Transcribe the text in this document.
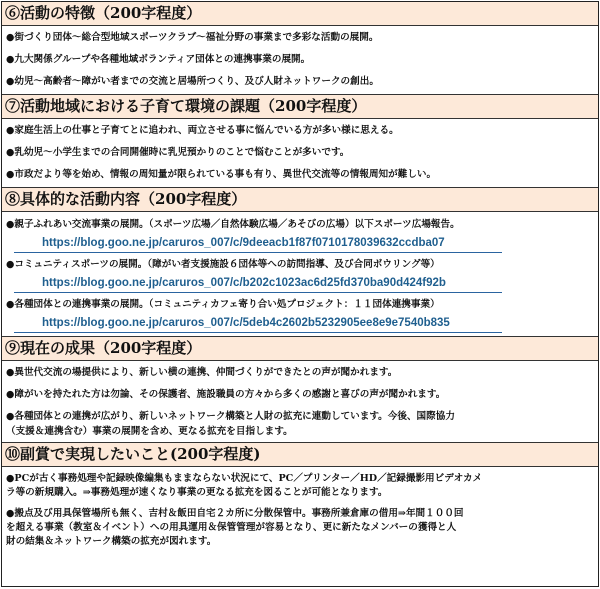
⑥活動の特徴（200字程度）
●街づくり団体～総合型地域スポーツクラブ～福祉分野の事業まで多彩な活動の展開。
●九大関係グループや各種地域ボランティア団体との連携事業の展開。
●幼児～高齢者～障がい者までの交流と居場所つくり、及び人財ネットワークの創出。
⑦活動地域における子育て環境の課題（200字程度）
●家庭生活上の仕事と子育てとに追われ、両立させる事に悩んでいる方が多い様に思える。
●乳幼児～小学生までの合同開催時に乳児預かりのことで悩むことが多いです。
●市政だより等を始め、情報の周知量が限られている事も有り、異世代交流等の情報周知が難しい。
⑧具体的な活動内容（200字程度）
●親子ふれあい交流事業の展開。（スポーツ広場／自然体験広場／あそびの広場）以下スポーツ広場報告。
https://blog.goo.ne.jp/caruros_007/c/9deeacb1f87f0710178039632ccdba07
●コミュニティスポーツの展開。（障がい者支援施設６団体等への訪問指導、及び合同ボウリング等）
https://blog.goo.ne.jp/caruros_007/c/b202c1023ac6d25fd370ba90d424f92b
●各種団体との連携事業の展開。（コミュニティカフェ寄り合い処プロジェクト：１１団体連携事業）
https://blog.goo.ne.jp/caruros_007/c/5deb4c2602b5232905ee8e9e7540b835
⑨現在の成果（200字程度）
●異世代交流の場提供により、新しい横の連携、仲間づくりができたとの声が聞かれます。
●障がいを持たれた方は勿論、その保護者、施設職員の方々から多くの感謝と喜びの声が聞かれます。
●各種団体との連携が広がり、新しいネットワーク構築と人財の拡充に連動しています。今後、国際協力
（支援＆連携含む）事業の展開を含め、更なる拡充を目指します。
⑩副賞で実現したいこと(200字程度)
●PCが古く事務処理や記録映像編集もままならない状況にて、PC／プリンター／HD／記録撮影用ビデオカメ
ラ等の新規購入。⇒事務処理が速くなり事業の更なる拡充を図ることが可能となります。
●搬点及び用具保管場所も無く、吉村＆飯田自宅２カ所に分散保管中。事務所兼倉庫の借用⇒年間１００回
を超える事業（教室＆イベント）への用具運用＆保管管理が容易となり、更に新たなメンバーの獲得と人
財の結集＆ネットワーク構築の拡充が図れます。
